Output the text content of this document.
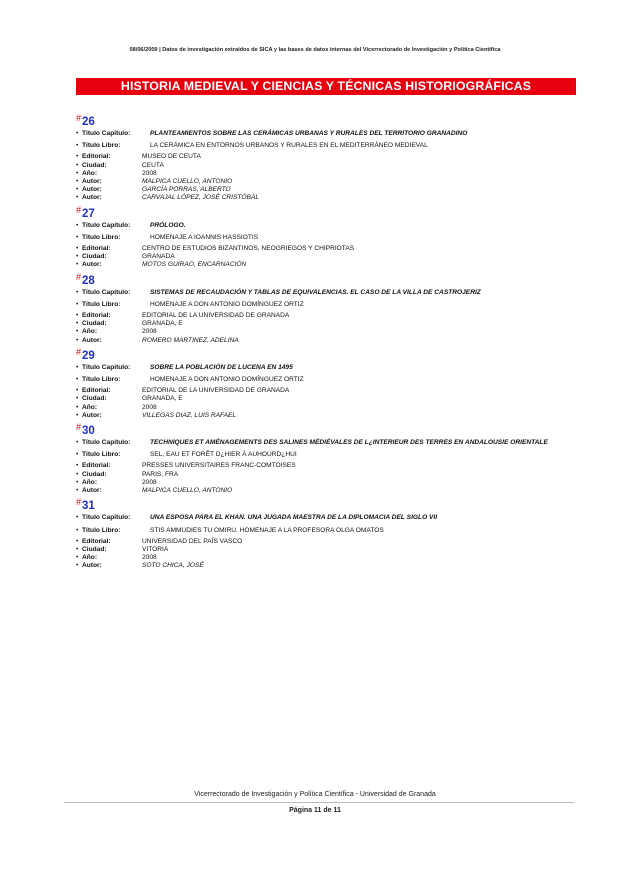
08/06/2009 | Datos de investigación extraídos de SICA y las bases de datos internas del Vicerrectorado de Investigación y Política Científica
HISTORIA MEDIEVAL Y CIENCIAS Y TÉCNICAS HISTORIOGRÁFICAS
# 26
• Título Capítulo:	PLANTEAMIENTOS SOBRE LAS CERÁMICAS URBANAS Y RURALES DEL TERRITORIO GRANADINO
• Título Libro:	LA CERÁMICA EN ENTORNOS URBANOS Y RURALES EN EL MEDITERRÁNEO MEDIEVAL
• Editorial:	MUSEO DE CEUTA
• Ciudad:	CEUTA
• Año:	2008
• Autor:	MALPICA CUELLO, ANTONIO
• Autor:	GARCÍA PORRAS, ALBERTO
• Autor:	CARVAJAL LÓPEZ, JOSÉ CRISTÓBAL
# 27
• Título Capítulo:	PRÓLOGO.
• Título Libro:	HOMENAJE A IOANNIS HASSIOTIS
• Editorial:	CENTRO DE ESTUDIOS BIZANTINOS, NEOGRIEGOS Y CHIPRIOTAS
• Ciudad:	GRANADA
• Autor:	MOTOS GUIRAO, ENCARNACIÓN
# 28
• Título Capítulo:	SISTEMAS DE RECAUDACIÓN Y TABLAS DE EQUIVALENCIAS. EL CASO DE LA VILLA DE CASTROJERIZ
• Título Libro:	HOMENAJE A DON ANTONIO DOMÍNGUEZ ORTIZ
• Editorial:	EDITORIAL DE LA UNIVERSIDAD DE GRANADA
• Ciudad:	GRANADA, E
• Año:	2008
• Autor:	ROMERO MARTINEZ, ADELINA
# 29
• Título Capítulo:	SOBRE LA POBLACIÓN DE LUCENA EN 1495
• Título Libro:	HOMENAJE A DON ANTONIO DOMÍNGUEZ ORTIZ
• Editorial:	EDITORIAL DE LA UNIVERSIDAD DE GRANADA
• Ciudad:	GRANADA, E
• Año:	2008
• Autor:	VILLEGAS DIAZ, LUIS RAFAEL
# 30
• Título Capítulo:	TECHNIQUES ET AMÉNAGEMENTS DES SALINES MÉDIÉVALES DE L¿INTERIEUR DES TERRES EN ANDALOUSIE ORIENTALE
• Título Libro:	SEL, EAU ET FORÊT D¿HIER À AUHOURD¿HUI
• Editorial:	PRESSES UNIVERSITAIRES FRANC-COMTOISES
• Ciudad:	PARIS, FRA
• Año:	2008
• Autor:	MALPICA CUELLO, ANTONIO
# 31
• Título Capítulo:	UNA ESPOSA PARA EL KHAN. UNA JUGADA MAESTRA DE LA DIPLOMACIA DEL SIGLO VII
• Título Libro:	STIS AMMUDIES TU OMIRU. HOMENAJE A LA PROFESORA OLGA OMATOS
• Editorial:	UNIVERSIDAD DEL PAÍS VASCO
• Ciudad:	VITORIA
• Año:	2008
• Autor:	SOTO CHICA, JOSÉ
Vicerrectorado de Investigación y Política Científica - Universidad de Granada
Página 11 de 11
